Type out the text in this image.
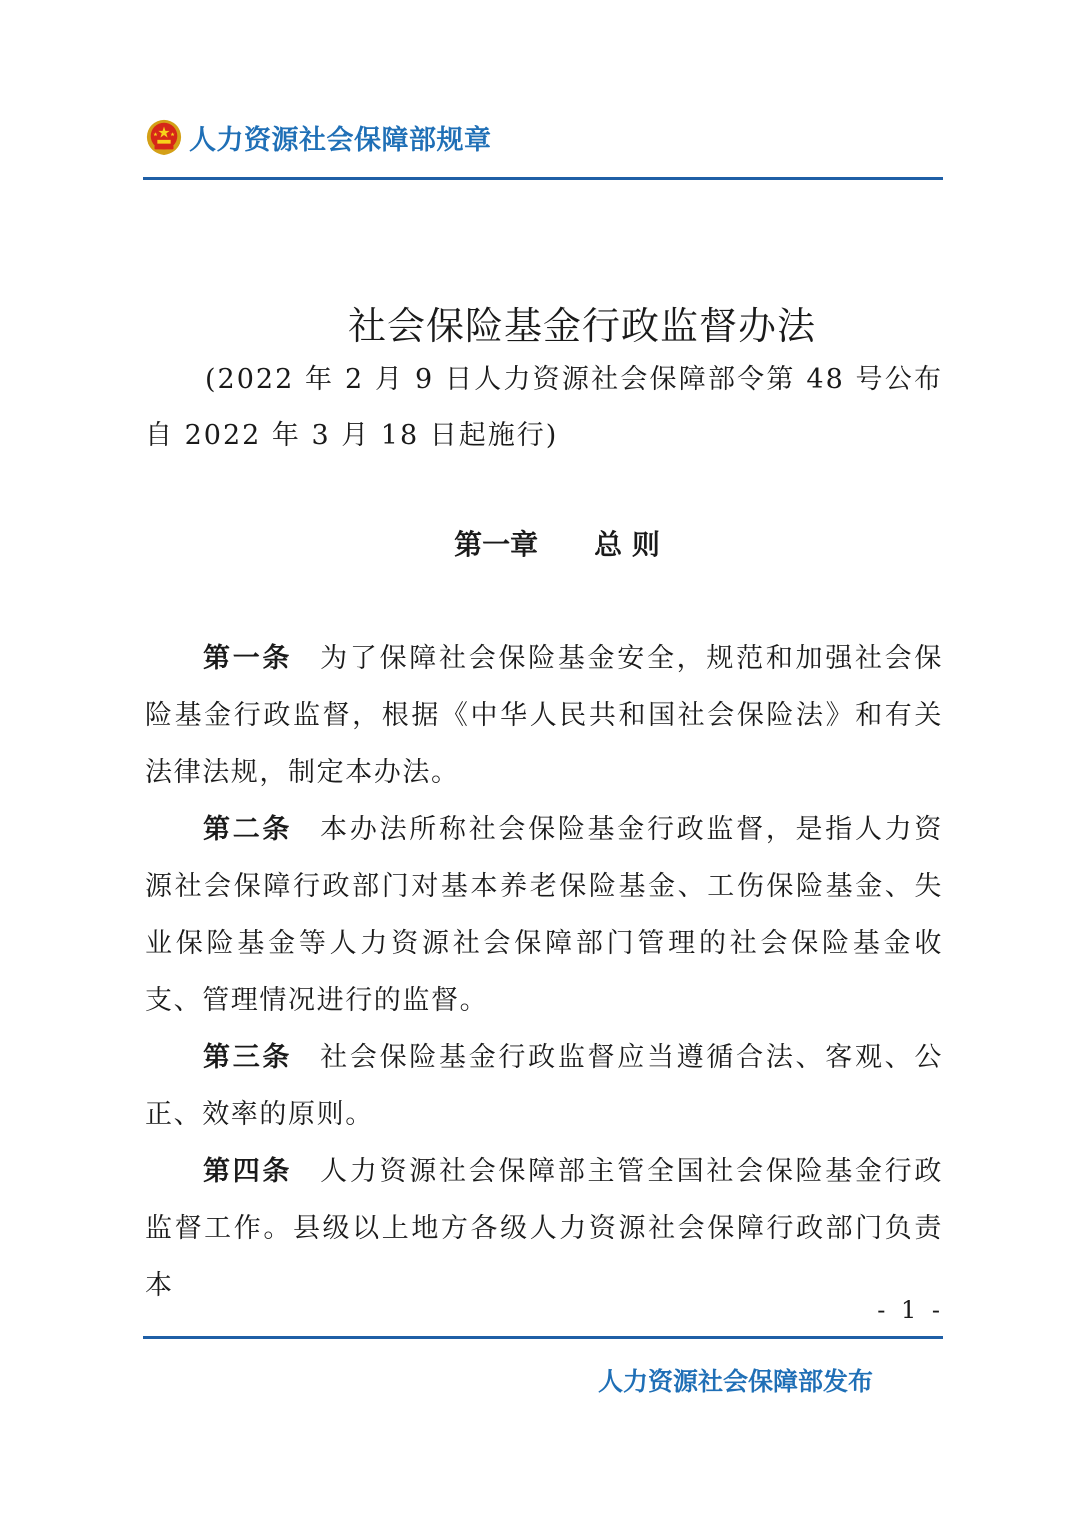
人力资源社会保障部规章
社会保险基金行政监督办法
(2022 年 2 月 9 日人力资源社会保障部令第 48 号公布　自 2022 年 3 月 18 日起施行)
第一章　　总 则

第一条 为了保障社会保险基金安全，规范和加强社会保险基金行政监督，根据《中华人民共和国社会保险法》和有关法律法规，制定本办法。

第二条 本办法所称社会保险基金行政监督，是指人力资源社会保障行政部门对基本养老保险基金、工伤保险基金、失业保险基金等人力资源社会保障部门管理的社会保险基金收支、管理情况进行的监督。

第三条 社会保险基金行政监督应当遵循合法、客观、公正、效率的原则。

第四条 人力资源社会保障部主管全国社会保险基金行政监督工作。县级以上地方各级人力资源社会保障行政部门负责本

- 1 -
人力资源社会保障部发布
